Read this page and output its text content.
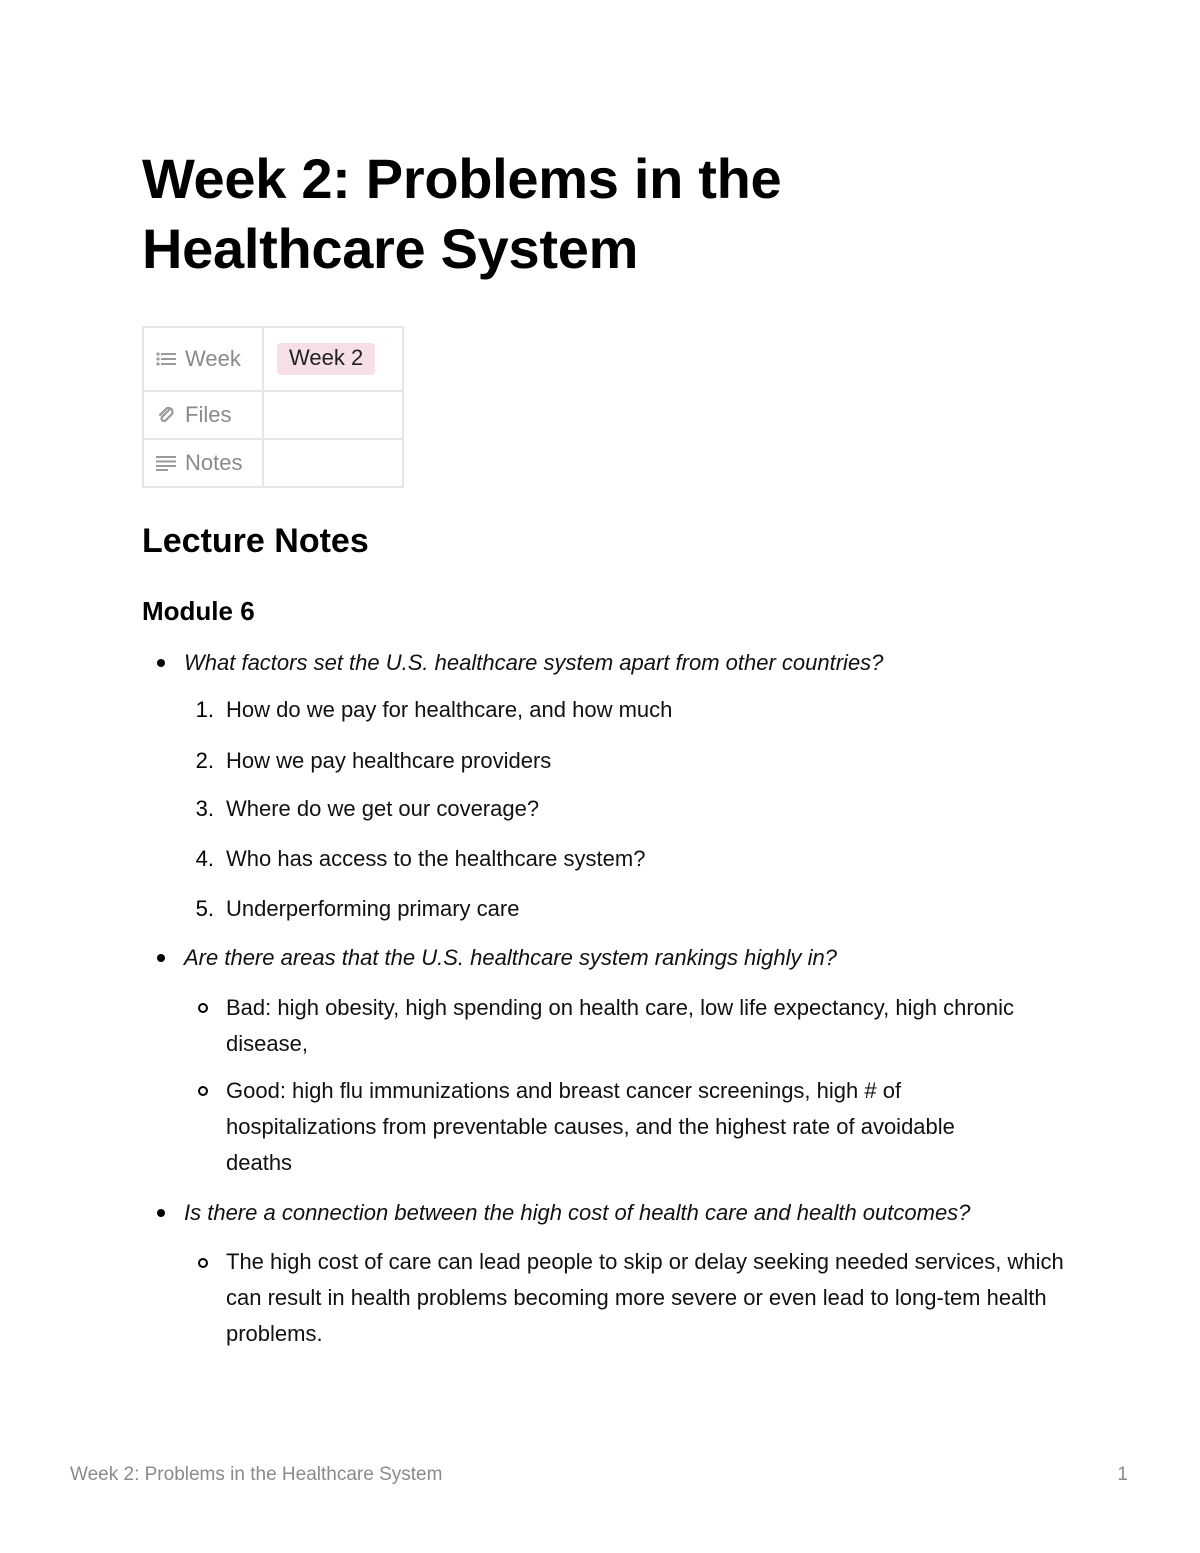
Week 2: Problems in the Healthcare System
Week	Week 2

Files	

Notes	

Lecture Notes
Module 6

What factors set the U.S. healthcare system apart from other countries?

1. How do we pay for healthcare, and how much

2. How we pay healthcare providers

3. Where do we get our coverage?

4. Who has access to the healthcare system?

5. Underperforming primary care

Are there areas that the U.S. healthcare system rankings highly in?

Bad: high obesity, high spending on health care, low life expectancy, high chronic disease,

Good: high flu immunizations and breast cancer screenings, high # of hospitalizations from preventable causes, and the highest rate of avoidable deaths

Is there a connection between the high cost of health care and health outcomes?

The high cost of care can lead people to skip or delay seeking needed services, which can result in health problems becoming more severe or even lead to long-tem health problems.

Week 2: Problems in the Healthcare System	1
